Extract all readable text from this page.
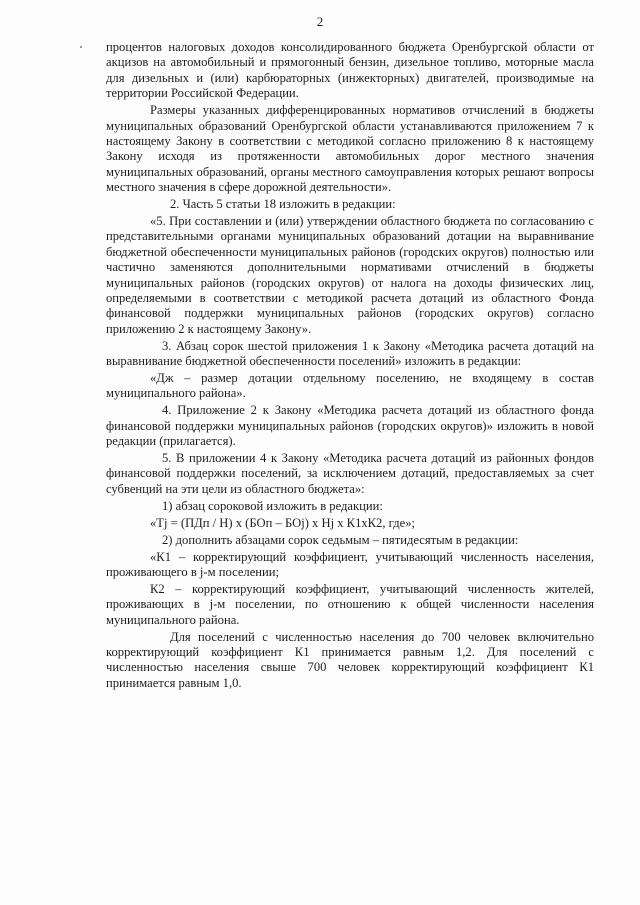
2

процентов налоговых доходов консолидированного бюджета Оренбургской области от акцизов на автомобильный и прямогонный бензин, дизельное топливо, моторные масла для дизельных и (или) карбюраторных (инжекторных) двигателей, производимые на территории Российской Федерации.

Размеры указанных дифференцированных нормативов отчислений в бюджеты муниципальных образований Оренбургской области устанавливаются приложением 7 к настоящему Закону в соответствии с методикой согласно приложению 8 к настоящему Закону исходя из протяженности автомобильных дорог местного значения муниципальных образований, органы местного самоуправления которых решают вопросы местного значения в сфере дорожной деятельности».

2. Часть 5 статьи 18 изложить в редакции:

«5. При составлении и (или) утверждении областного бюджета по согласованию с представительными органами муниципальных образований дотации на выравнивание бюджетной обеспеченности муниципальных районов (городских округов) полностью или частично заменяются дополнительными нормативами отчислений в бюджеты муниципальных районов (городских округов) от налога на доходы физических лиц, определяемыми в соответствии с методикой расчета дотаций из областного Фонда финансовой поддержки муниципальных районов (городских округов) согласно приложению 2 к настоящему Закону».

3. Абзац сорок шестой приложения 1 к Закону «Методика расчета дотаций на выравнивание бюджетной обеспеченности поселений» изложить в редакции:

«Дж – размер дотации отдельному поселению, не входящему в состав муниципального района».

4. Приложение 2 к Закону «Методика расчета дотаций из областного фонда финансовой поддержки муниципальных районов (городских округов)» изложить в новой редакции (прилагается).

5. В приложении 4 к Закону «Методика расчета дотаций из районных фондов финансовой поддержки поселений, за исключением дотаций, предоставляемых за счет субвенций на эти цели из областного бюджета»:

1) абзац сороковой изложить в редакции:

«Tj = (ПДп / Н) х (БОп – БОj) х Hj х К1хК2, где»;

2) дополнить абзацами сорок седьмым – пятидесятым в редакции:

«К1 – корректирующий коэффициент, учитывающий численность населения, проживающего в j-м поселении;

К2 – корректирующий коэффициент, учитывающий численность жителей, проживающих в j-м поселении, по отношению к общей численности населения муниципального района.

Для поселений с численностью населения до 700 человек включительно корректирующий коэффициент К1 принимается равным 1,2. Для поселений с численностью населения свыше 700 человек корректирующий коэффициент К1 принимается равным 1,0.
